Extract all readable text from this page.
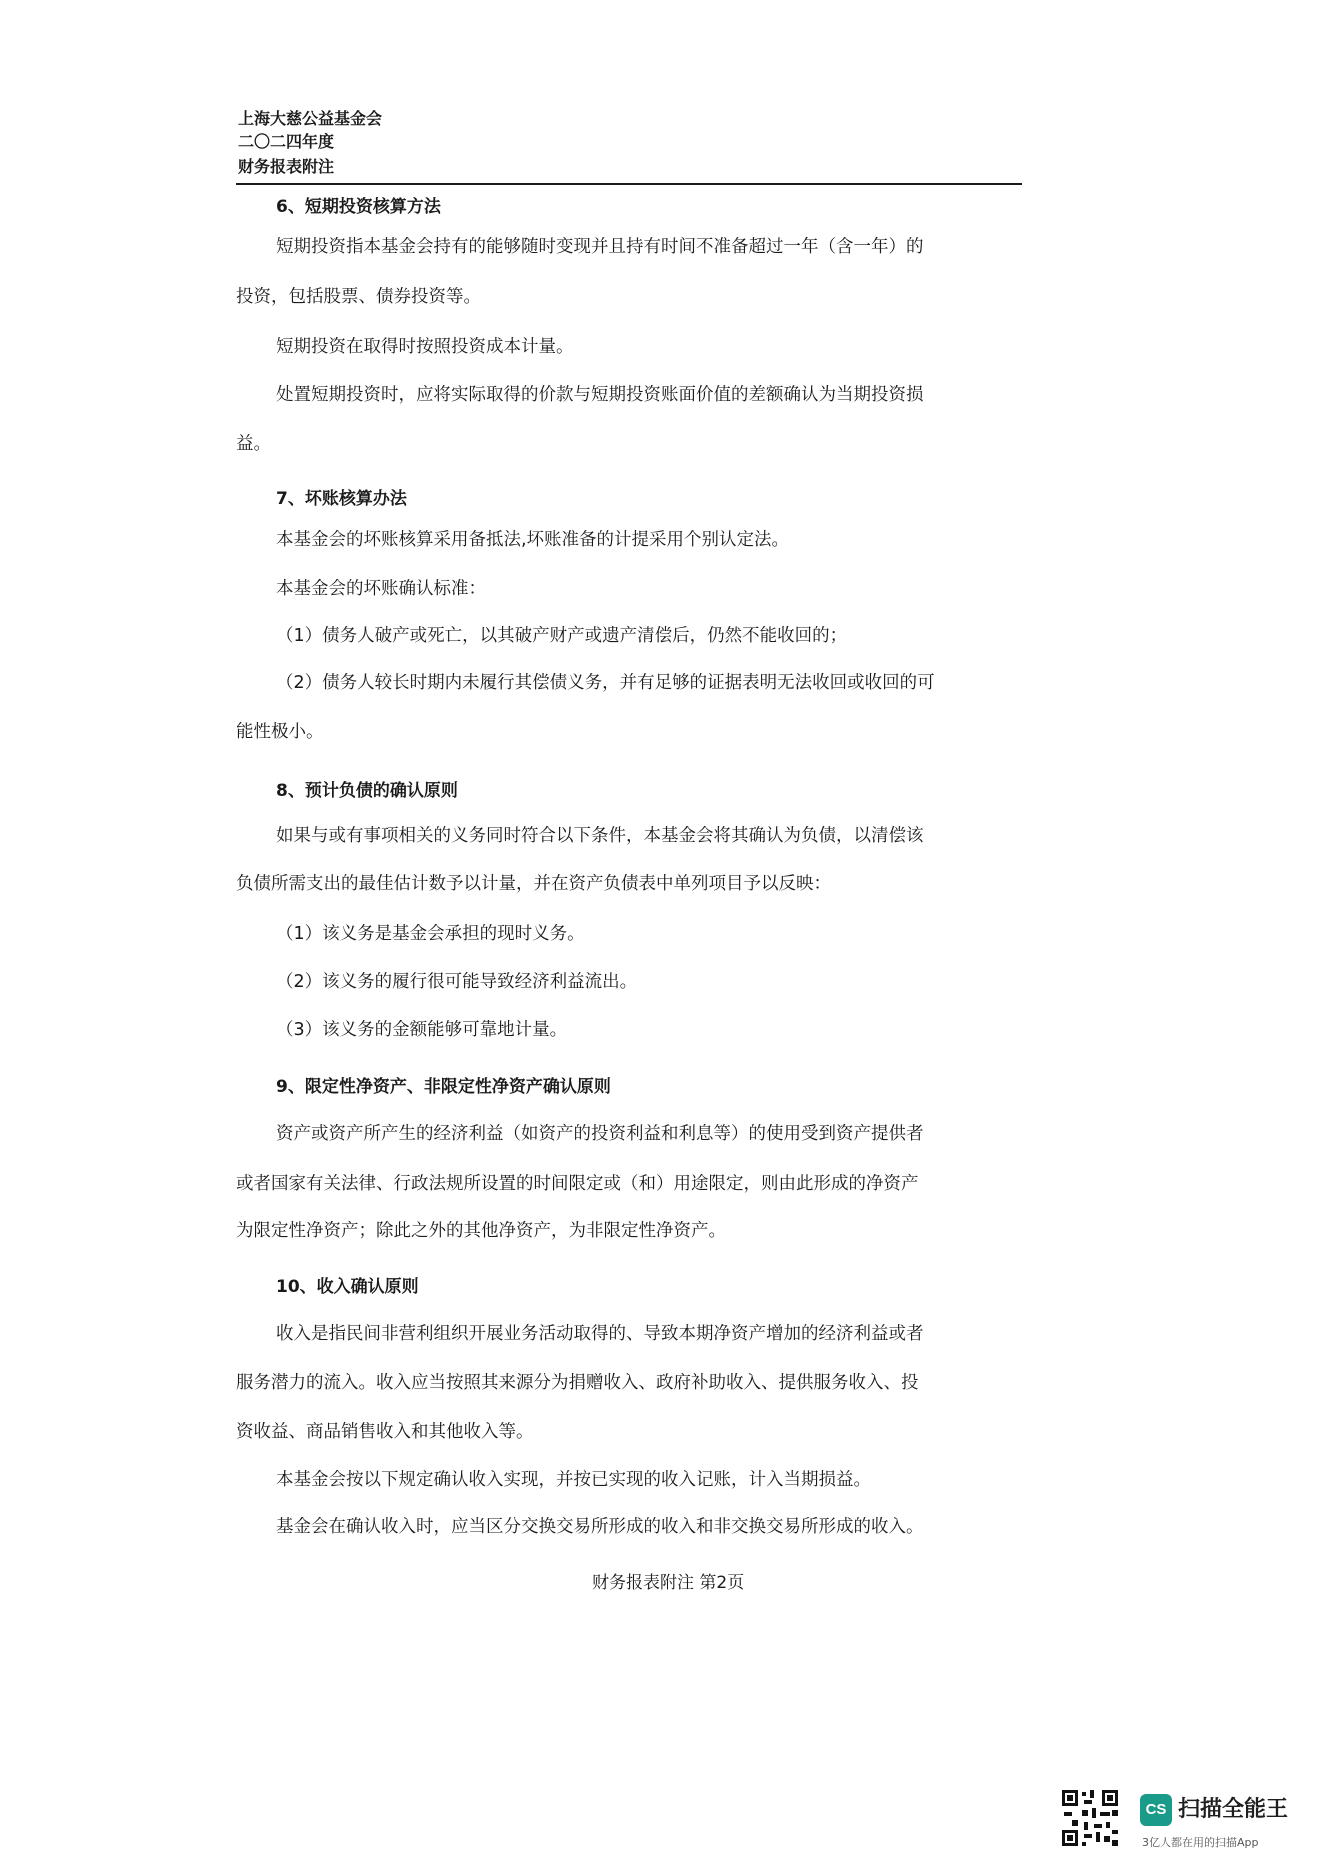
上海大慈公益基金会
二〇二四年度
财务报表附注
6、短期投资核算方法
短期投资指本基金会持有的能够随时变现并且持有时间不准备超过一年（含一年）的
投资，包括股票、债券投资等。
短期投资在取得时按照投资成本计量。
处置短期投资时，应将实际取得的价款与短期投资账面价值的差额确认为当期投资损
益。
7、坏账核算办法
本基金会的坏账核算采用备抵法,坏账准备的计提采用个别认定法。
本基金会的坏账确认标准：
（1）债务人破产或死亡，以其破产财产或遗产清偿后，仍然不能收回的；
（2）债务人较长时期内未履行其偿债义务，并有足够的证据表明无法收回或收回的可
能性极小。
8、预计负债的确认原则
如果与或有事项相关的义务同时符合以下条件，本基金会将其确认为负债，以清偿该
负债所需支出的最佳估计数予以计量，并在资产负债表中单列项目予以反映：
（1）该义务是基金会承担的现时义务。
（2）该义务的履行很可能导致经济利益流出。
（3）该义务的金额能够可靠地计量。
9、限定性净资产、非限定性净资产确认原则
资产或资产所产生的经济利益（如资产的投资利益和利息等）的使用受到资产提供者
或者国家有关法律、行政法规所设置的时间限定或（和）用途限定，则由此形成的净资产
为限定性净资产；除此之外的其他净资产，为非限定性净资产。
10、收入确认原则
收入是指民间非营利组织开展业务活动取得的、导致本期净资产增加的经济利益或者
服务潜力的流入。收入应当按照其来源分为捐赠收入、政府补助收入、提供服务收入、投
资收益、商品销售收入和其他收入等。
本基金会按以下规定确认收入实现，并按已实现的收入记账，计入当期损益。
基金会在确认收入时，应当区分交换交易所形成的收入和非交换交易所形成的收入。
财务报表附注 第2页
CS 扫描全能王
3亿人都在用的扫描App
